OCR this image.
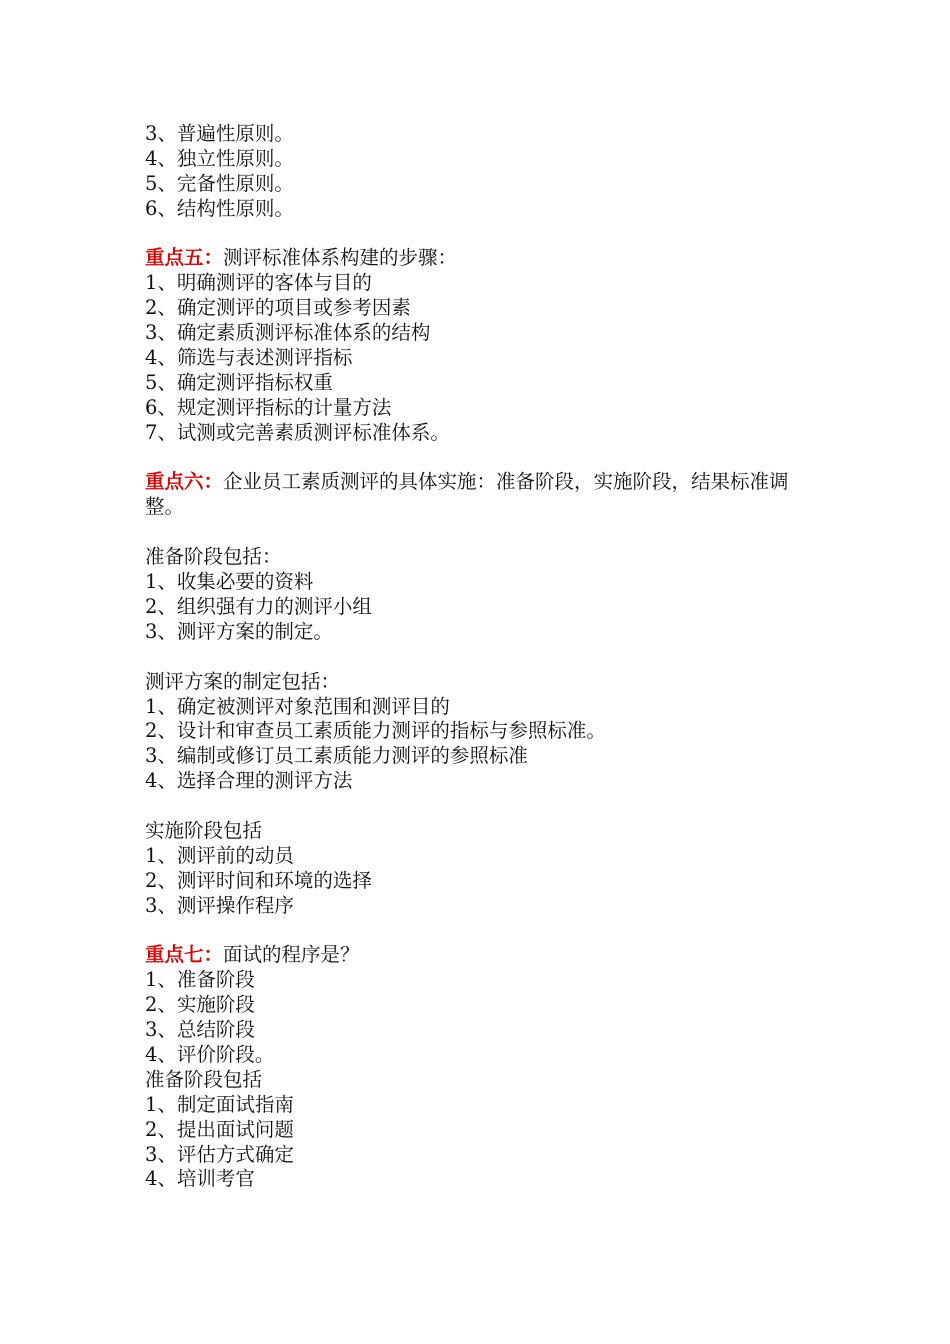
3、普遍性原则。
4、独立性原则。
5、完备性原则。
6、结构性原则。
重点五：测评标准体系构建的步骤：
1、明确测评的客体与目的
2、确定测评的项目或参考因素
3、确定素质测评标准体系的结构
4、筛选与表述测评指标
5、确定测评指标权重
6、规定测评指标的计量方法
7、试测或完善素质测评标准体系。
重点六：企业员工素质测评的具体实施：准备阶段，实施阶段，结果标准调整。
准备阶段包括：
1、收集必要的资料
2、组织强有力的测评小组
3、测评方案的制定。
测评方案的制定包括：
1、确定被测评对象范围和测评目的
2、设计和审查员工素质能力测评的指标与参照标准。
3、编制或修订员工素质能力测评的参照标准
4、选择合理的测评方法
实施阶段包括
1、测评前的动员
2、测评时间和环境的选择
3、测评操作程序
重点七：面试的程序是？
1、准备阶段
2、实施阶段
3、总结阶段
4、评价阶段。
准备阶段包括
1、制定面试指南
2、提出面试问题
3、评估方式确定
4、培训考官
